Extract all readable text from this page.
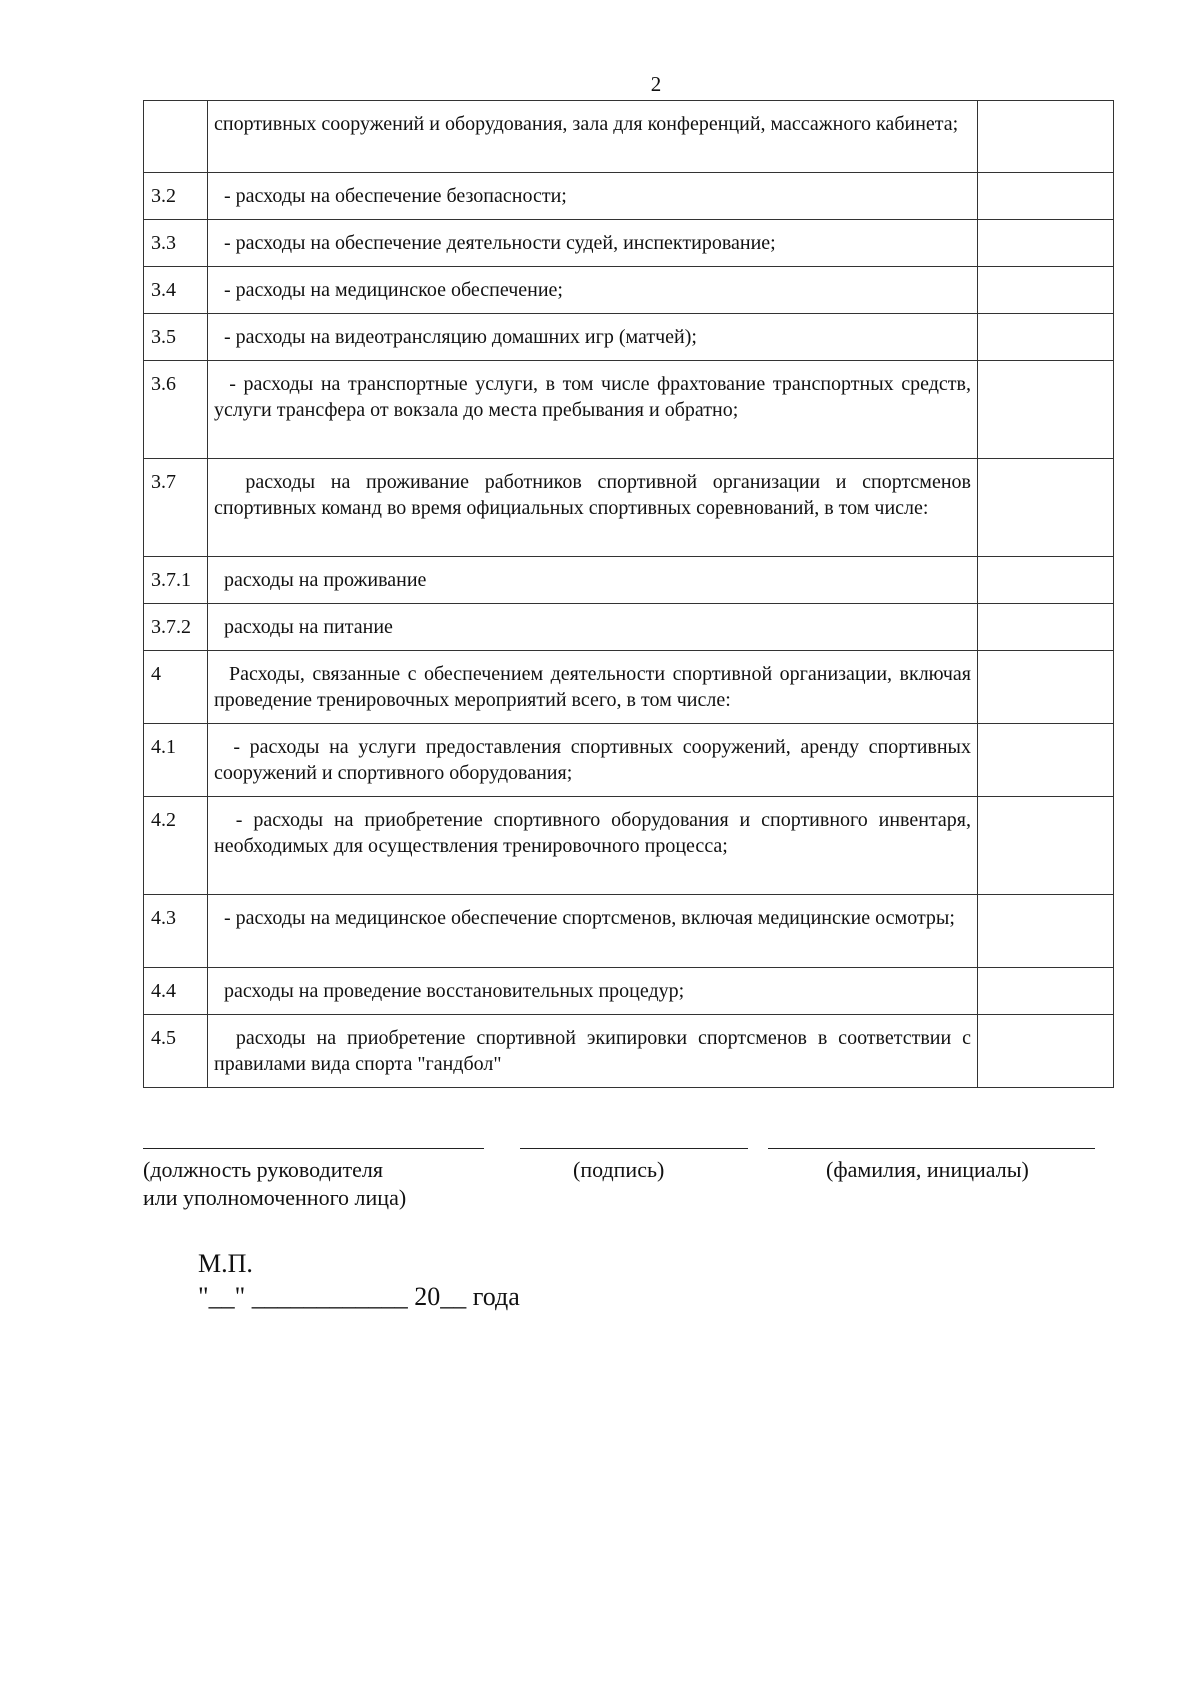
2
	спортивных сооружений и оборудования, зала для конференций, массажного кабинета;	
3.2	- расходы на обеспечение безопасности;	
3.3	- расходы на обеспечение деятельности судей, инспектирование;	
3.4	- расходы на медицинское обеспечение;	
3.5	- расходы на видеотрансляцию домашних игр (матчей);	
3.6	- расходы на транспортные услуги, в том числе фрахтование транспортных средств, услуги трансфера от вокзала до места пребывания и обратно;	
3.7	расходы на проживание работников спортивной организации и спортсменов спортивных команд во время официальных спортивных соревнований, в том числе:	
3.7.1	расходы на проживание	
3.7.2	расходы на питание	
4	Расходы, связанные с обеспечением деятельности спортивной организации, включая проведение тренировочных мероприятий всего, в том числе:	
4.1	- расходы на услуги предоставления спортивных сооружений, аренду спортивных сооружений и спортивного оборудования;	
4.2	- расходы на приобретение спортивного оборудования и спортивного инвентаря, необходимых для осуществления тренировочного процесса;	
4.3	- расходы на медицинское обеспечение спортсменов, включая медицинские осмотры;	
4.4	расходы на проведение восстановительных процедур;	
4.5	расходы на приобретение спортивной экипировки спортсменов в соответствии с правилами вида спорта "гандбол"	
(должность руководителя
или уполномоченного лица)
(подпись)	(фамилия, инициалы)
М.П.
"__" ____________ 20__ года
